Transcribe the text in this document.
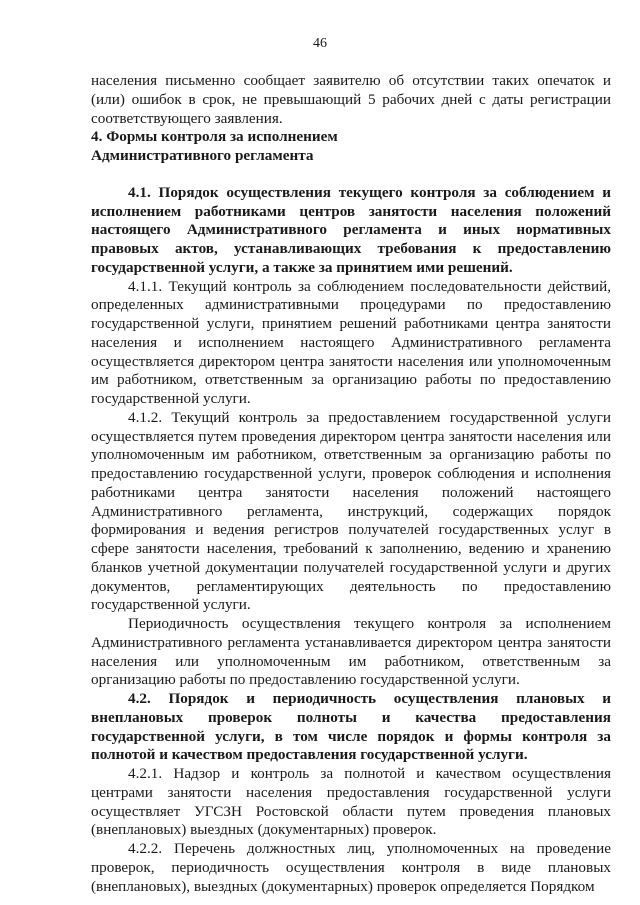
46

населения письменно сообщает заявителю об отсутствии таких опечаток и (или) ошибок в срок, не превышающий 5 рабочих дней с даты регистрации соответствующего заявления.

4. Формы контроля за исполнением

Административного регламента

4.1. Порядок осуществления текущего контроля за соблюдением и исполнением работниками центров занятости населения положений настоящего Административного регламента и иных нормативных правовых актов, устанавливающих требования к предоставлению государственной услуги, а также за принятием ими решений.

4.1.1. Текущий контроль за соблюдением последовательности действий, определенных административными процедурами по предоставлению государственной услуги, принятием решений работниками центра занятости населения и исполнением настоящего Административного регламента осуществляется директором центра занятости населения или уполномоченным им работником, ответственным за организацию работы по предоставлению государственной услуги.

4.1.2. Текущий контроль за предоставлением государственной услуги осуществляется путем проведения директором центра занятости населения или уполномоченным им работником, ответственным за организацию работы по предоставлению государственной услуги, проверок соблюдения и исполнения работниками центра занятости населения положений настоящего Административного регламента, инструкций, содержащих порядок формирования и ведения регистров получателей государственных услуг в сфере занятости населения, требований к заполнению, ведению и хранению бланков учетной документации получателей государственной услуги и других документов, регламентирующих деятельность по предоставлению государственной услуги.

Периодичность осуществления текущего контроля за исполнением Административного регламента устанавливается директором центра занятости населения или уполномоченным им работником, ответственным за организацию работы по предоставлению государственной услуги.

4.2. Порядок и периодичность осуществления плановых и внеплановых проверок полноты и качества предоставления государственной услуги, в том числе порядок и формы контроля за полнотой и качеством предоставления государственной услуги.

4.2.1. Надзор и контроль за полнотой и качеством осуществления центрами занятости населения предоставления государственной услуги осуществляет УГСЗН Ростовской области путем проведения плановых (внеплановых) выездных (документарных) проверок.

4.2.2. Перечень должностных лиц, уполномоченных на проведение проверок, периодичность осуществления контроля в виде плановых (внеплановых), выездных (документарных) проверок определяется Порядком
